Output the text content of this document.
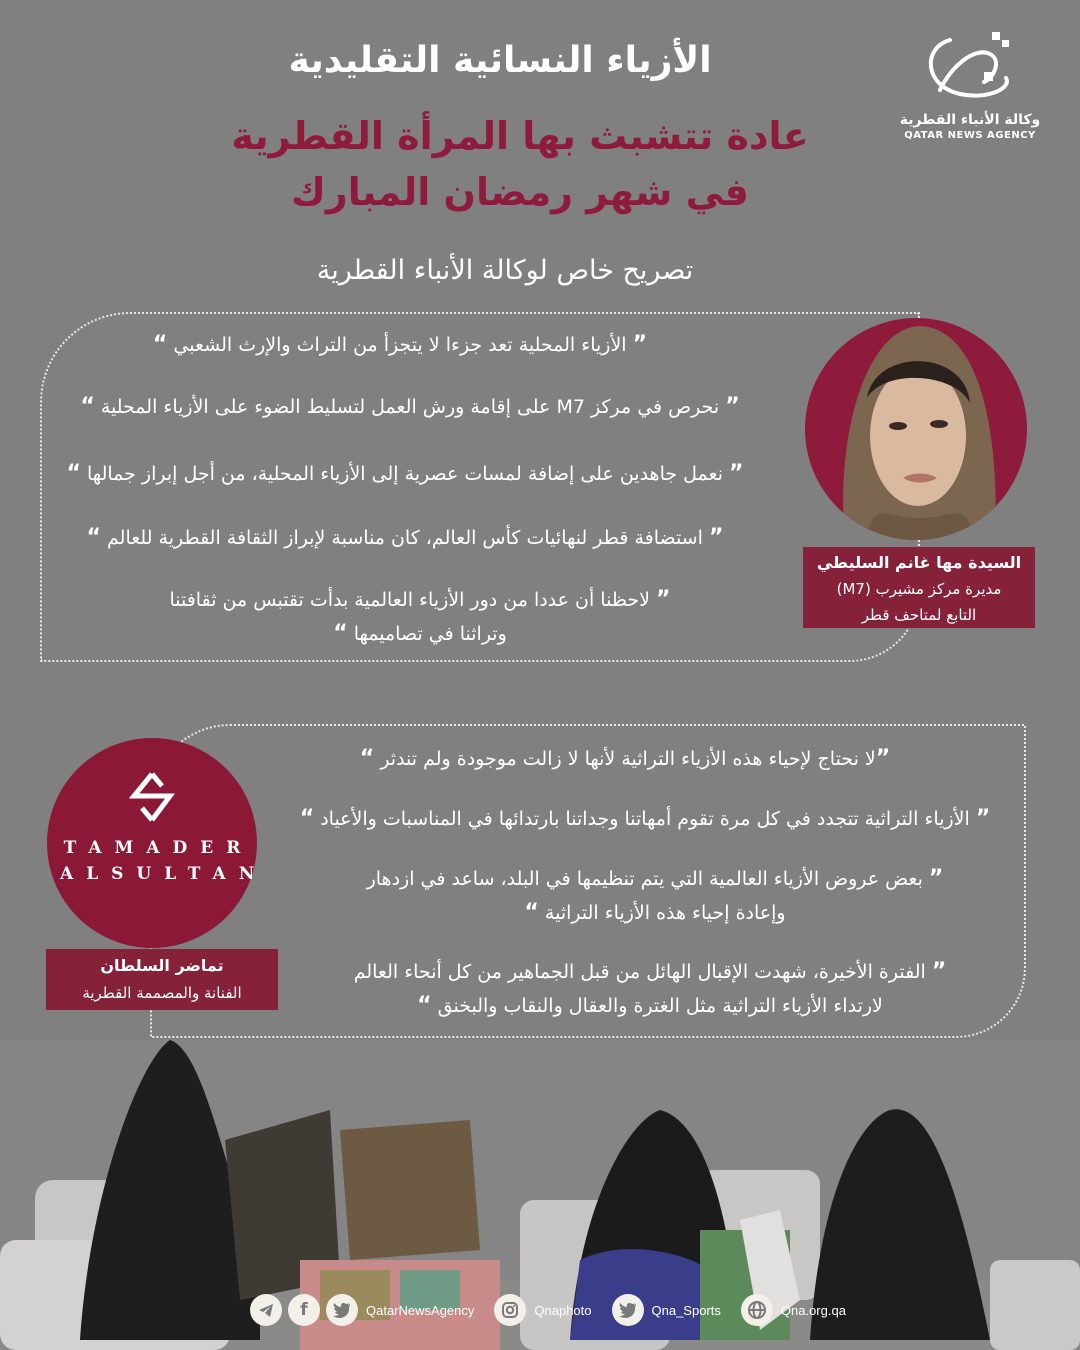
الأزياء النسائية التقليدية
عادة تتشبث بها المرأة القطرية
في شهر رمضان المبارك
تصريح خاص لوكالة الأنباء القطرية
وكالة الأنباء القطرية
QATAR NEWS AGENCY
” الأزياء المحلية تعد جزءا لا يتجزأ من التراث والإرث الشعبي “
” نحرص في مركز M7 على إقامة ورش العمل لتسليط الضوء على الأزياء المحلية “
” نعمل جاهدين على إضافة لمسات عصرية إلى الأزياء المحلية، من أجل إبراز جمالها “
” استضافة قطر لنهائيات كأس العالم، كان مناسبة لإبراز الثقافة القطرية للعالم “
” لاحظنا أن عددا من دور الأزياء العالمية بدأت تقتبس من ثقافتنا
وتراثنا في تصاميمها “
السيدة مها غانم السليطي
مديرة مركز مشيرب (M7)
التابع لمتاحف قطر
TAMADER
ALSULTAN
تماضر السلطان
الفنانة والمصممة القطرية
”لا نحتاج لإحياء هذه الأزياء التراثية لأنها لا زالت موجودة ولم تندثر “
” الأزياء التراثية تتجدد في كل مرة تقوم أمهاتنا وجداتنا بارتدائها في المناسبات والأعياد “
” بعض عروض الأزياء العالمية التي يتم تنظيمها في البلد، ساعد في ازدهار
وإعادة إحياء هذه الأزياء التراثية “
” الفترة الأخيرة، شهدت الإقبال الهائل من قبل الجماهير من كل أنحاء العالم
لارتداء الأزياء التراثية مثل الغترة والعقال والنقاب والبخنق “
f	QatarNewsAgency	Qnaphoto	Qna_Sports	Qna.org.qa
